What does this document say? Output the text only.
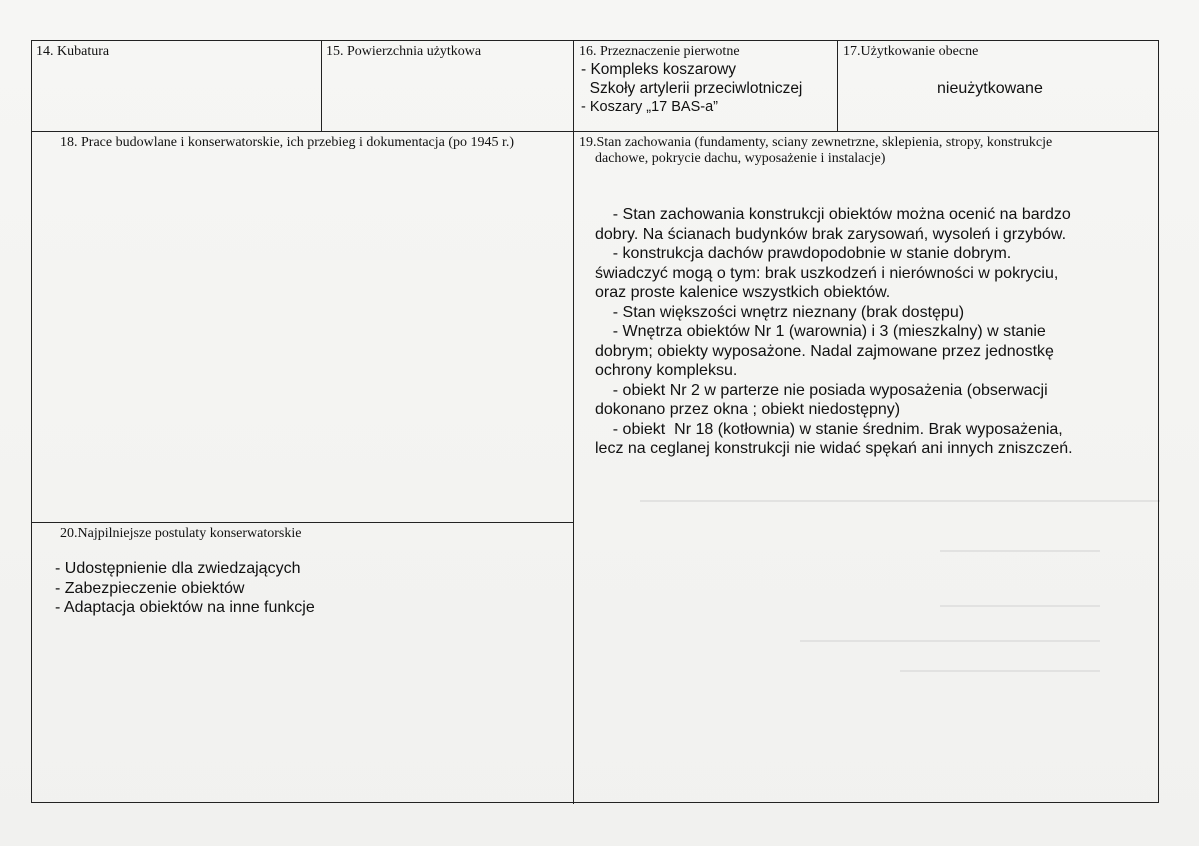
14. Kubatura	15. Powierzchnia użytkowa	16. Przeznaczenie pierwotne

- Kompleks koszarowy

Szkoły artylerii przeciwlotniczej

- Koszary „17 BAS-a”

17.Użytkowanie obecne
nieużytkowane
18. Prace budowlane i konserwatorskie, ich przebieg i dokumentacja (po 1945 r.)	19.Stan zachowania (fundamenty, sciany zewnetrzne, sklepienia, stropy, konstrukcje
dachowe, pokrycie dachu, wyposażenie i instalacje)

- Stan zachowania konstrukcji obiektów można ocenić na bardzo

dobry. Na ścianach budynków brak zarysowań, wysoleń i grzybów.

- konstrukcja dachów prawdopodobnie w stanie dobrym.

świadczyć mogą o tym: brak uszkodzeń i nierówności w pokryciu,

oraz proste kalenice wszystkich obiektów.

- Stan większości wnętrz nieznany (brak dostępu)

- Wnętrza obiektów Nr 1 (warownia) i 3 (mieszkalny) w stanie

dobrym; obiekty wyposażone. Nadal zajmowane przez jednostkę

ochrony kompleksu.

- obiekt Nr 2 w parterze nie posiada wyposażenia (obserwacji

dokonano przez okna ; obiekt niedostępny)

- obiekt  Nr 18 (kotłownia) w stanie średnim. Brak wyposażenia,

lecz na ceglanej konstrukcji nie widać spękań ani innych zniszczeń.

20.Najpilniejsze postulaty konserwatorskie

- Udostępnienie dla zwiedzających

- Zabezpieczenie obiektów

- Adaptacja obiektów na inne funkcje
